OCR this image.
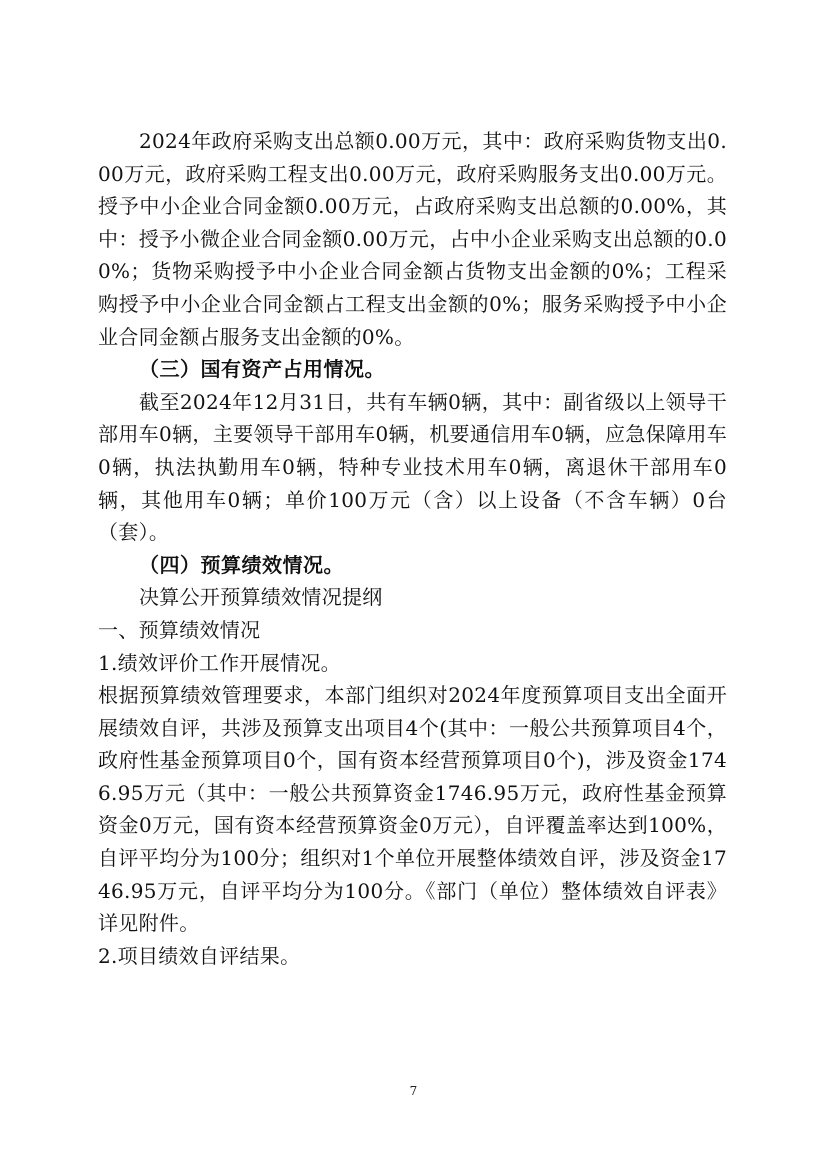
2024年政府采购支出总额0.00万元，其中：政府采购货物支出0.00万元，政府采购工程支出0.00万元，政府采购服务支出0.00万元。授予中小企业合同金额0.00万元，占政府采购支出总额的0.00%，其中：授予小微企业合同金额0.00万元，占中小企业采购支出总额的0.00%；货物采购授予中小企业合同金额占货物支出金额的0%；工程采购授予中小企业合同金额占工程支出金额的0%；服务采购授予中小企业合同金额占服务支出金额的0%。

（三）国有资产占用情况。

截至2024年12月31日，共有车辆0辆，其中：副省级以上领导干部用车0辆，主要领导干部用车0辆，机要通信用车0辆，应急保障用车0辆，执法执勤用车0辆，特种专业技术用车0辆，离退休干部用车0辆，其他用车0辆；单价100万元（含）以上设备（不含车辆）0台（套）。

（四）预算绩效情况。

决算公开预算绩效情况提纲

一、预算绩效情况

1.绩效评价工作开展情况。

根据预算绩效管理要求，本部门组织对2024年度预算项目支出全面开展绩效自评，共涉及预算支出项目4个(其中：一般公共预算项目4个，政府性基金预算项目0个，国有资本经营预算项目0个)，涉及资金1746.95万元（其中：一般公共预算资金1746.95万元，政府性基金预算资金0万元，国有资本经营预算资金0万元），自评覆盖率达到100%，自评平均分为100分；组织对1个单位开展整体绩效自评，涉及资金1746.95万元，自评平均分为100分。《部门（单位）整体绩效自评表》详见附件。

2.项目绩效自评结果。

7
